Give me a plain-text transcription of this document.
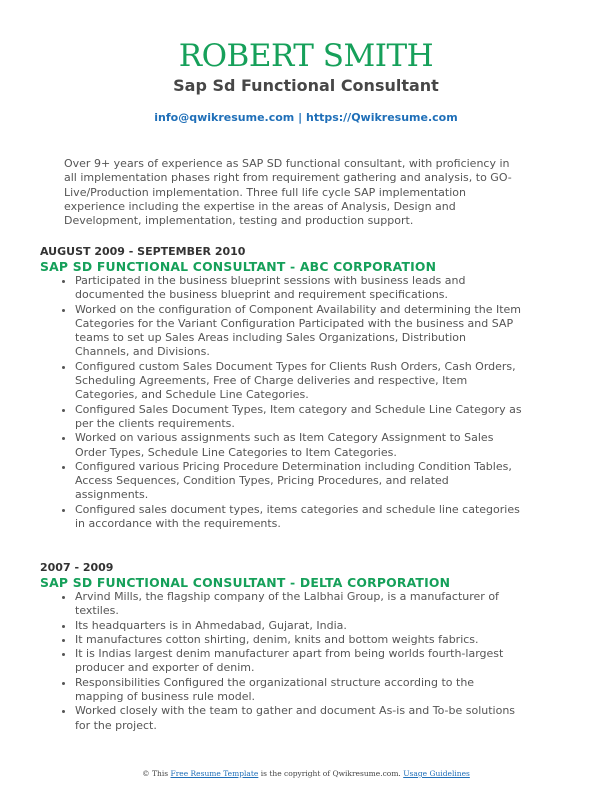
ROBERT SMITH
Sap Sd Functional Consultant
info@qwikresume.com | https://Qwikresume.com
Over 9+ years of experience as SAP SD functional consultant, with proficiency in all implementation phases right from requirement gathering and analysis, to GO-Live/Production implementation. Three full life cycle SAP implementation experience including the expertise in the areas of Analysis, Design and Development, implementation, testing and production support.
AUGUST 2009 - SEPTEMBER 2010
SAP SD FUNCTIONAL CONSULTANT - ABC CORPORATION
• Participated in the business blueprint sessions with business leads and documented the business blueprint and requirement specifications.
• Worked on the configuration of Component Availability and determining the Item Categories for the Variant Configuration Participated with the business and SAP teams to set up Sales Areas including Sales Organizations, Distribution Channels, and Divisions.
• Configured custom Sales Document Types for Clients Rush Orders, Cash Orders, Scheduling Agreements, Free of Charge deliveries and respective, Item Categories, and Schedule Line Categories.
• Configured Sales Document Types, Item category and Schedule Line Category as per the clients requirements.
• Worked on various assignments such as Item Category Assignment to Sales Order Types, Schedule Line Categories to Item Categories.
• Configured various Pricing Procedure Determination including Condition Tables, Access Sequences, Condition Types, Pricing Procedures, and related assignments.
• Configured sales document types, items categories and schedule line categories in accordance with the requirements.
2007 - 2009
SAP SD FUNCTIONAL CONSULTANT - DELTA CORPORATION
• Arvind Mills, the flagship company of the Lalbhai Group, is a manufacturer of textiles.
• Its headquarters is in Ahmedabad, Gujarat, India.
• It manufactures cotton shirting, denim, knits and bottom weights fabrics.
• It is Indias largest denim manufacturer apart from being worlds fourth-largest producer and exporter of denim.
• Responsibilities Configured the organizational structure according to the mapping of business rule model.
• Worked closely with the team to gather and document As-is and To-be solutions for the project.
© This Free Resume Template is the copyright of Qwikresume.com. Usage Guidelines
